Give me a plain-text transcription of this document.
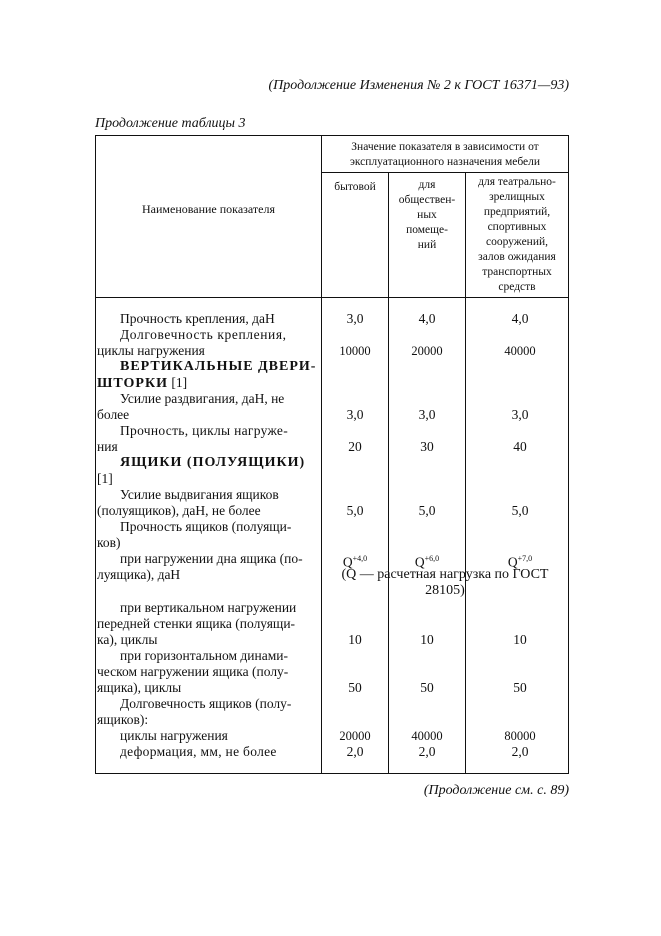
(Продолжение Изменения № 2 к ГОСТ 16371—93)
Продолжение таблицы 3
(Продолжение см. с. 89)
Наименование показателя
Значение показателя в зависимости от
эксплуатационного назначения мебели
бытовой	для
обществен-
ных
помеще-
ний
для театрально-
зрелищных
предприятий,
спортивных
сооружений,
залов ожидания
транспортных
средств
Прочность крепления, даН
Долговечность крепления,
циклы нагружения
ВЕРТИКАЛЬНЫЕ ДВЕРИ-
ШТОРКИ [1]
Усилие раздвигания, даН, не
более
Прочность, циклы нагруже-
ния
ЯЩИКИ (ПОЛУЯЩИКИ)
[1]
Усилие выдвигания ящиков
(полуящиков), даН, не более
Прочность ящиков (полуящи-
ков)
при нагружении дна ящика (по-
луящика), даН
при вертикальном нагружении
передней стенки ящика (полуящи-
ка), циклы
при горизонтальном динами-
ческом нагружении ящика (полу-
ящика), циклы
Долговечность ящиков (полу-
ящиков):
циклы нагружения
деформация, мм, не более
3,0
10000
3,0
20
5,0
$Q^{+4,0}$
10
50
20000
2,0
4,0
20000
3,0
30
5,0
$Q^{+6,0}$
10
50
40000
2,0
4,0
40000
3,0
40
5,0
$Q^{+7,0}$
10
50
80000
2,0
(Q — расчетная нагрузка по ГОСТ
28105)
